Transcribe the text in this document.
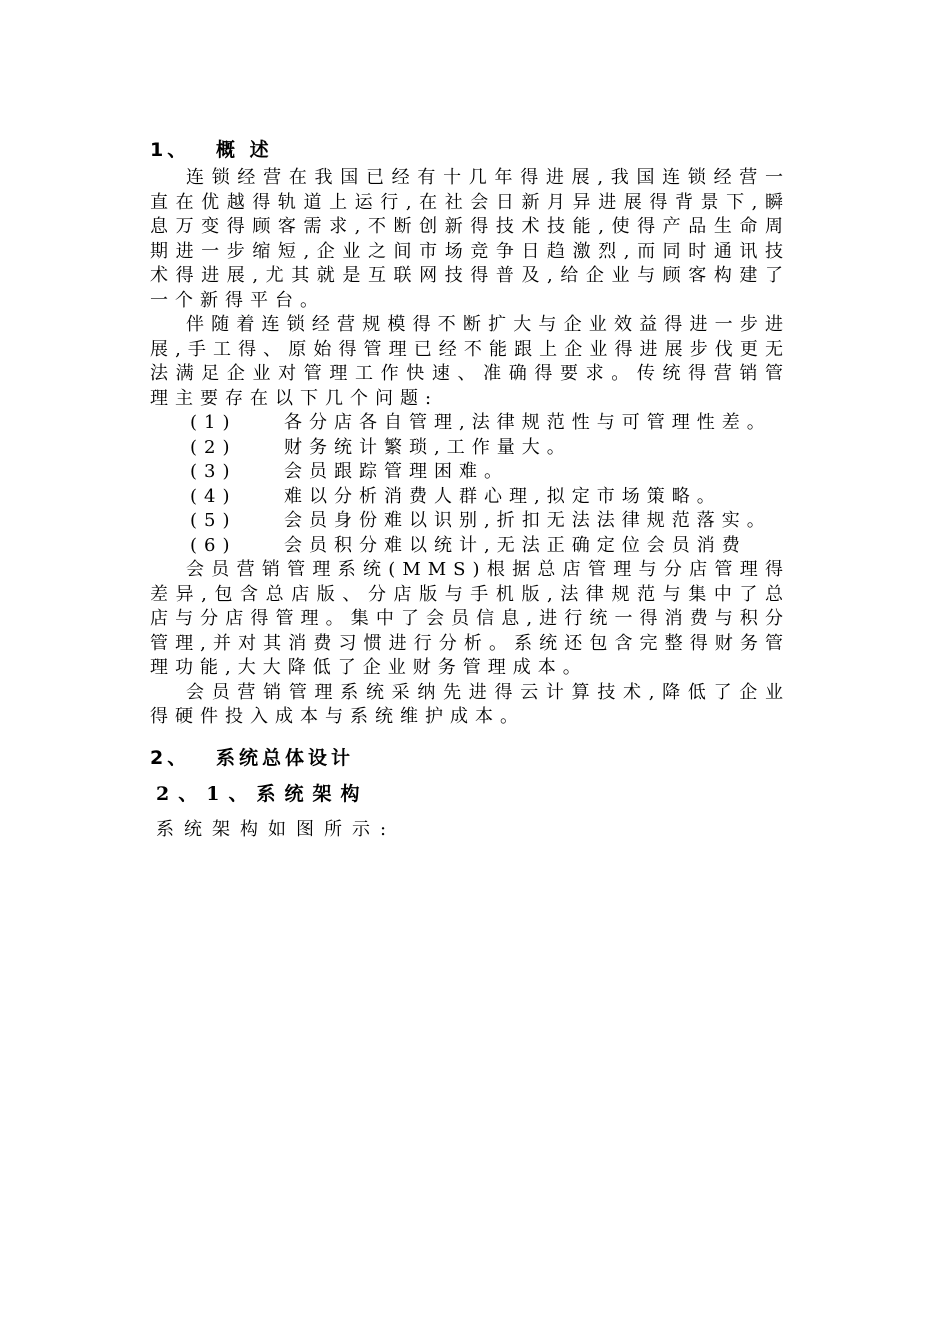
1、 概 述

连锁经营在我国已经有十几年得进展,我国连锁经营一直在优越得轨道上运行,在社会日新月异进展得背景下,瞬息万变得顾客需求,不断创新得技术技能,使得产品生命周期进一步缩短,企业之间市场竞争日趋激烈,而同时通讯技术得进展,尤其就是互联网技得普及,给企业与顾客构建了一个新得平台。

伴随着连锁经营规模得不断扩大与企业效益得进一步进展,手工得、原始得管理已经不能跟上企业得进展步伐更无法满足企业对管理工作快速、准确得要求。传统得营销管理主要存在以下几个问题:

(1)	各分店各自管理,法律规范性与可管理性差。
(2)	财务统计繁琐,工作量大。
(3)	会员跟踪管理困难。
(4)	难以分析消费人群心理,拟定市场策略。
(5)	会员身份难以识别,折扣无法法律规范落实。
(6)	会员积分难以统计,无法正确定位会员消费

会员营销管理系统(MMS)根据总店管理与分店管理得差异,包含总店版、分店版与手机版,法律规范与集中了总店与分店得管理。集中了会员信息,进行统一得消费与积分管理,并对其消费习惯进行分析。系统还包含完整得财务管理功能,大大降低了企业财务管理成本。

会员营销管理系统采纳先进得云计算技术,降低了企业得硬件投入成本与系统维护成本。

2、 系统总体设计
2、1、系统架构
系统架构如图所示:
